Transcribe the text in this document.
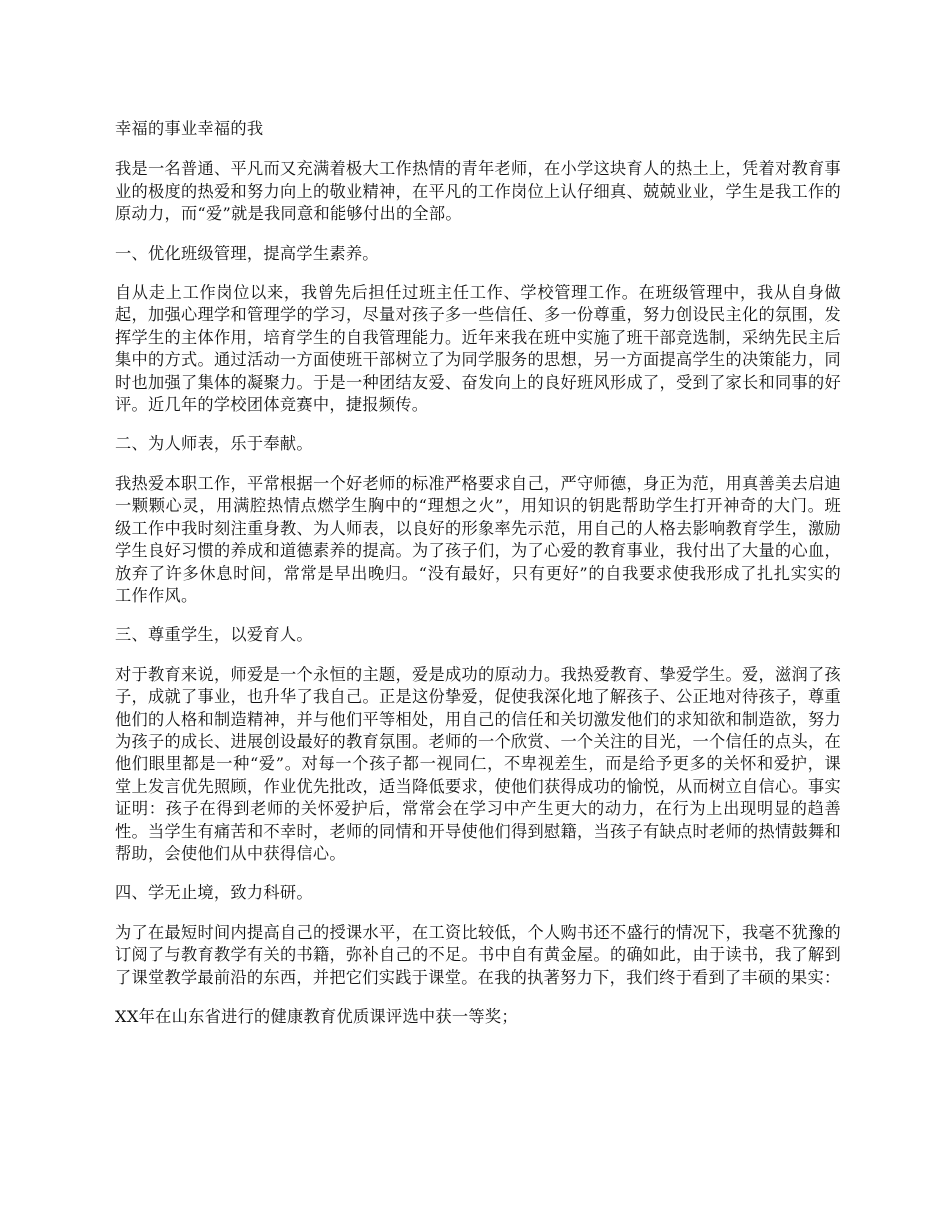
幸福的事业幸福的我

我是一名普通、平凡而又充满着极大工作热情的青年老师，在小学这块育人的热土上，凭着对教育事业的极度的热爱和努力向上的敬业精神，在平凡的工作岗位上认仔细真、兢兢业业，学生是我工作的原动力，而“爱”就是我同意和能够付出的全部。

一、优化班级管理，提高学生素养。

自从走上工作岗位以来，我曾先后担任过班主任工作、学校管理工作。在班级管理中，我从自身做起，加强心理学和管理学的学习，尽量对孩子多一些信任、多一份尊重，努力创设民主化的氛围，发挥学生的主体作用，培育学生的自我管理能力。近年来我在班中实施了班干部竞选制，采纳先民主后集中的方式。通过活动一方面使班干部树立了为同学服务的思想，另一方面提高学生的决策能力，同时也加强了集体的凝聚力。于是一种团结友爱、奋发向上的良好班风形成了，受到了家长和同事的好评。近几年的学校团体竞赛中，捷报频传。

二、为人师表，乐于奉献。

我热爱本职工作，平常根据一个好老师的标准严格要求自己，严守师德，身正为范，用真善美去启迪一颗颗心灵，用满腔热情点燃学生胸中的“理想之火”，用知识的钥匙帮助学生打开神奇的大门。班级工作中我时刻注重身教、为人师表，以良好的形象率先示范，用自己的人格去影响教育学生，激励学生良好习惯的养成和道德素养的提高。为了孩子们，为了心爱的教育事业，我付出了大量的心血，放弃了许多休息时间，常常是早出晚归。“没有最好，只有更好”的自我要求使我形成了扎扎实实的工作作风。

三、尊重学生，以爱育人。

对于教育来说，师爱是一个永恒的主题，爱是成功的原动力。我热爱教育、挚爱学生。爱，滋润了孩子，成就了事业，也升华了我自己。正是这份挚爱，促使我深化地了解孩子、公正地对待孩子，尊重他们的人格和制造精神，并与他们平等相处，用自己的信任和关切激发他们的求知欲和制造欲，努力为孩子的成长、进展创设最好的教育氛围。老师的一个欣赏、一个关注的目光，一个信任的点头，在他们眼里都是一种“爱”。对每一个孩子都一视同仁，不卑视差生，而是给予更多的关怀和爱护，课堂上发言优先照顾，作业优先批改，适当降低要求，使他们获得成功的愉悦，从而树立自信心。事实证明：孩子在得到老师的关怀爱护后，常常会在学习中产生更大的动力，在行为上出现明显的趋善性。当学生有痛苦和不幸时，老师的同情和开导使他们得到慰籍，当孩子有缺点时老师的热情鼓舞和帮助，会使他们从中获得信心。

四、学无止境，致力科研。

为了在最短时间内提高自己的授课水平，在工资比较低，个人购书还不盛行的情况下，我毫不犹豫的订阅了与教育教学有关的书籍，弥补自己的不足。书中自有黄金屋。的确如此，由于读书，我了解到了课堂教学最前沿的东西，并把它们实践于课堂。在我的执著努力下，我们终于看到了丰硕的果实：

XX年在山东省进行的健康教育优质课评选中获一等奖；
